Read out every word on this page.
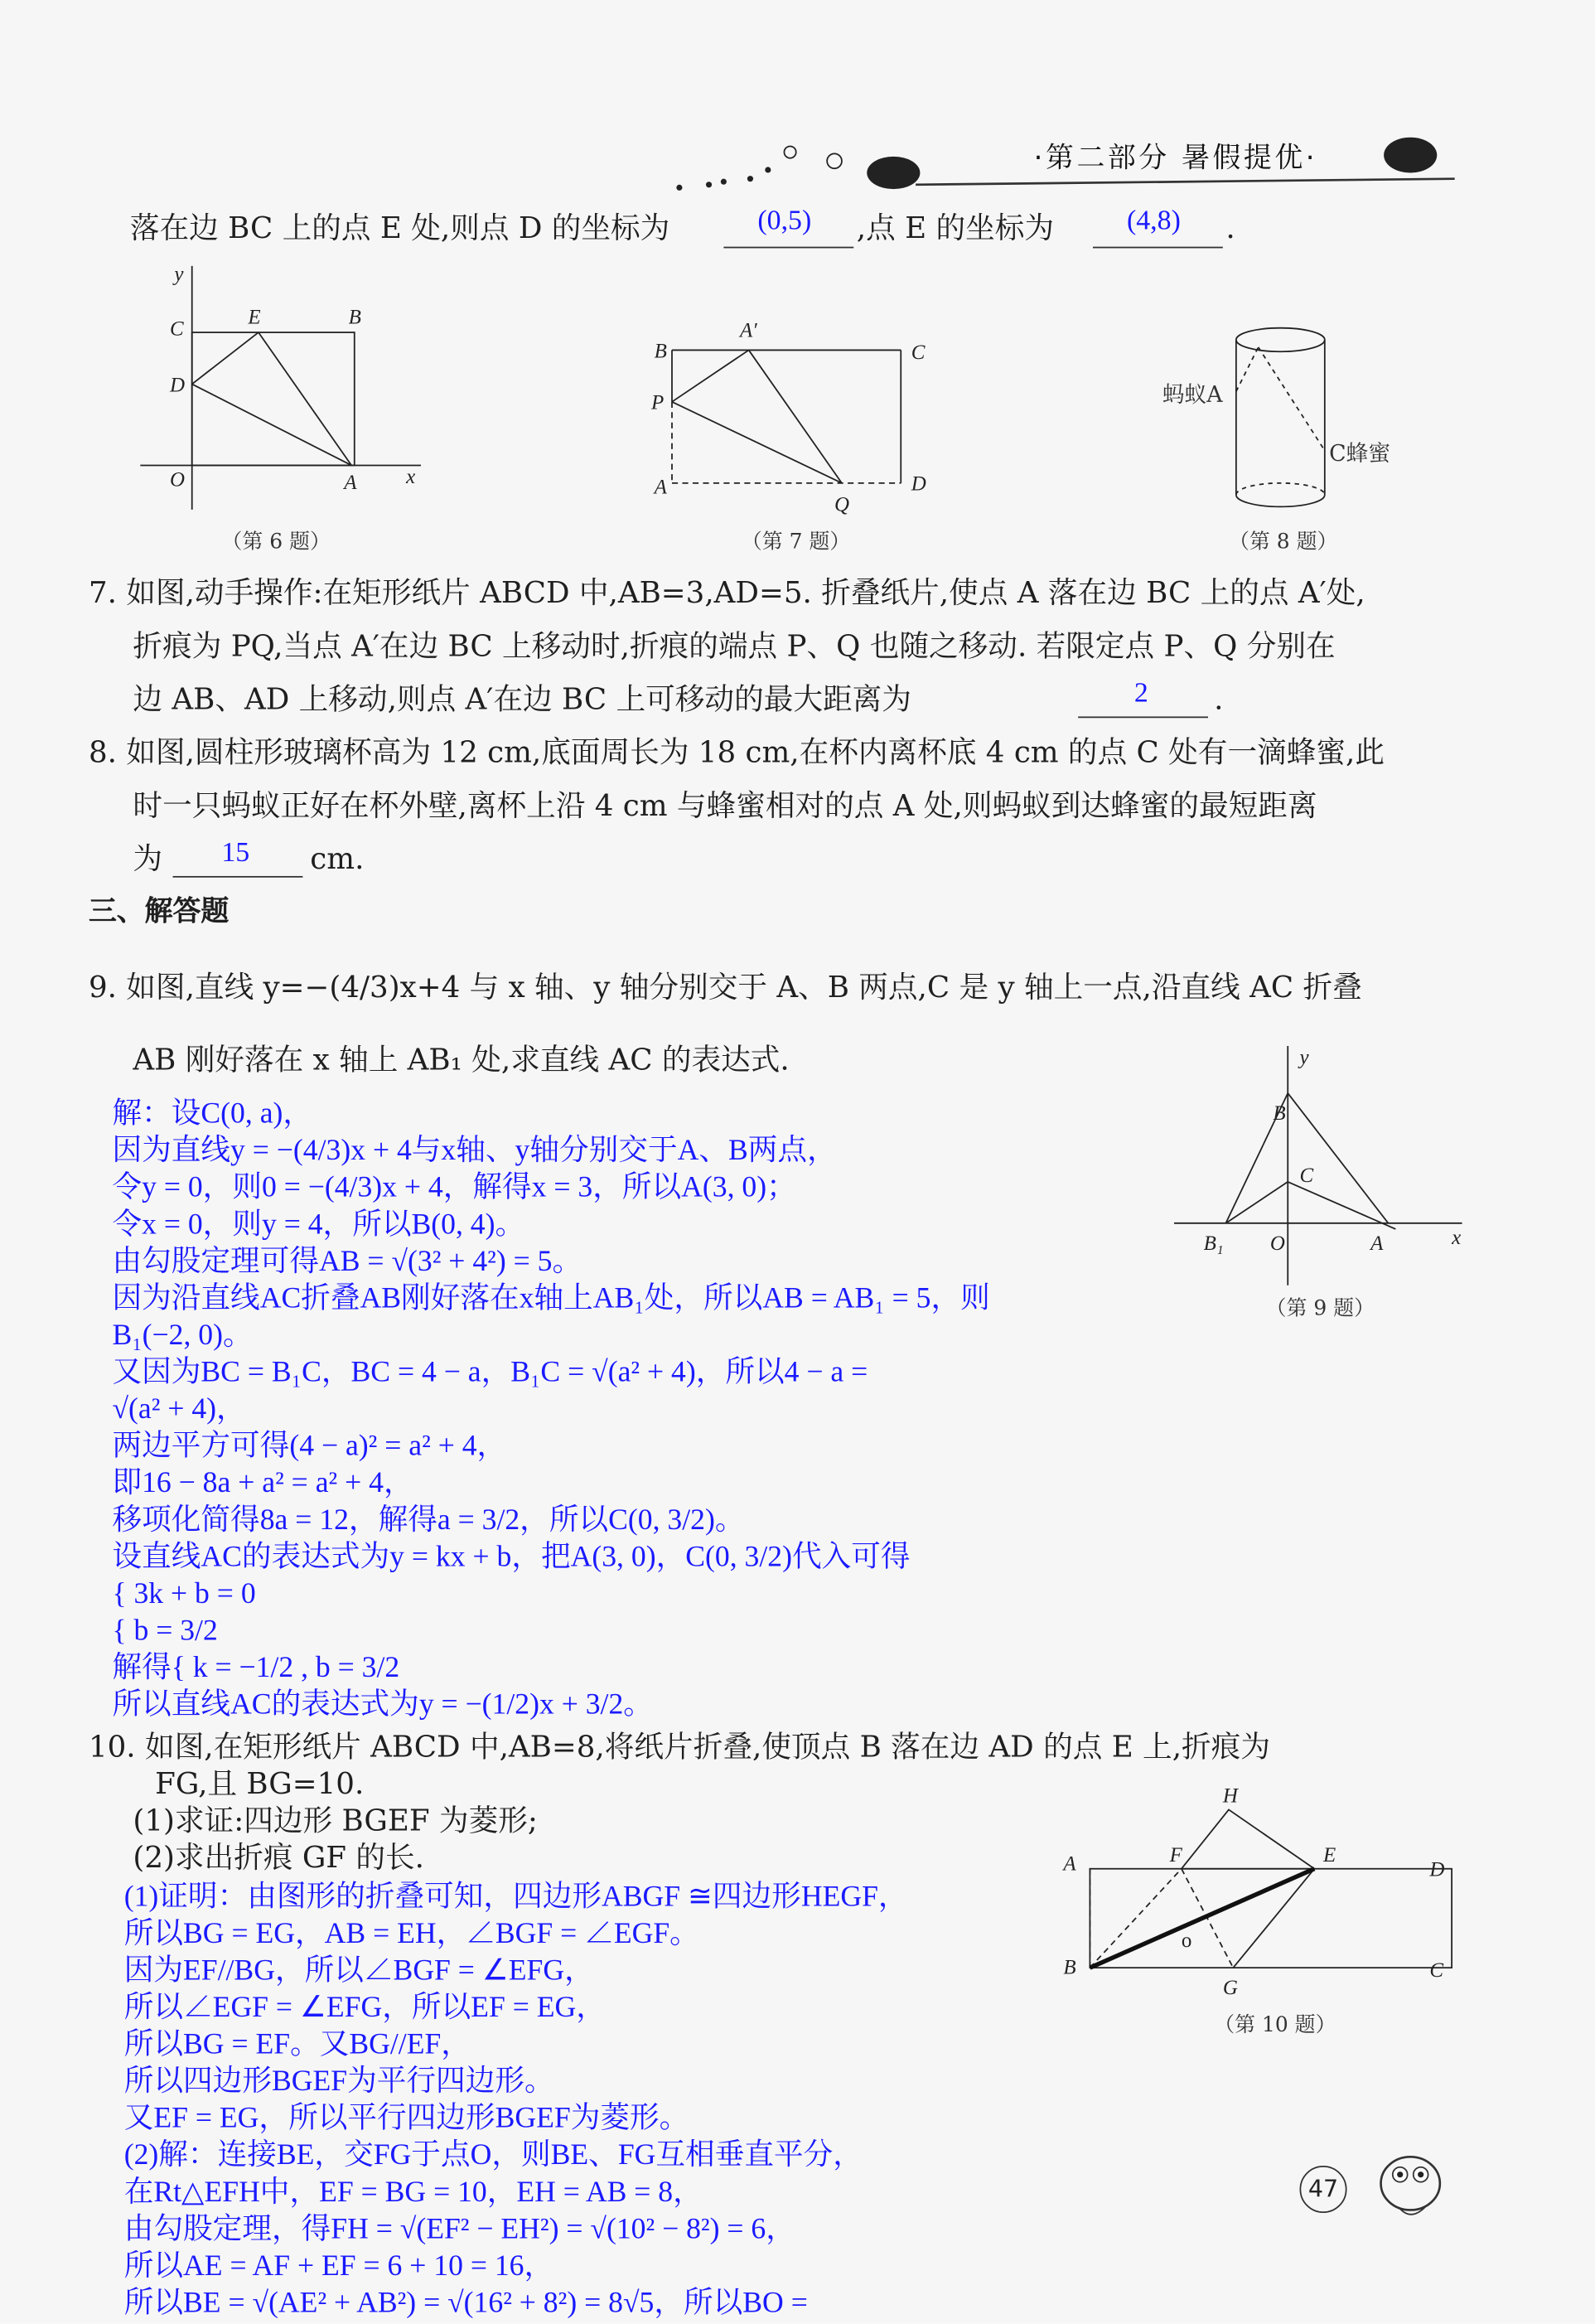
·第二部分 暑假提优·
落在边 BC 上的点 E 处,则点 D 的坐标为	(0,5)	,点 E 的坐标为	(4,8)	.
y
C
E	B
D
O	A	x
（第 6 题）
B
A′
C
P
A
Q
D
（第 7 题）
蚂蚁A
C蜂蜜
（第 8 题）
7. 如图,动手操作:在矩形纸片 ABCD 中,AB=3,AD=5. 折叠纸片,使点 A 落在边 BC 上的点 A′处,
折痕为 PQ,当点 A′在边 BC 上移动时,折痕的端点 P、Q 也随之移动. 若限定点 P、Q 分别在
边 AB、AD 上移动,则点 A′在边 BC 上可移动的最大距离为	2	.
8. 如图,圆柱形玻璃杯高为 12 cm,底面周长为 18 cm,在杯内离杯底 4 cm 的点 C 处有一滴蜂蜜,此
时一只蚂蚁正好在杯外壁,离杯上沿 4 cm 与蜂蜜相对的点 A 处,则蚂蚁到达蜂蜜的最短距离
为	15	cm.
三、解答题
9. 如图,直线 y=−(4/3)x+4 与 x 轴、y 轴分别交于 A、B 两点,C 是 y 轴上一点,沿直线 AC 折叠
AB 刚好落在 x 轴上 AB₁ 处,求直线 AC 的表达式.
解：设C(0, a)，
因为直线y = −(4/3)x + 4与x轴、y轴分别交于A、B两点，
令y = 0，则0 = −(4/3)x + 4，解得x = 3，所以A(3, 0)；
令x = 0，则y = 4，所以B(0, 4)。
由勾股定理可得AB = √(3² + 4²) = 5。
因为沿直线AC折叠AB刚好落在x轴上AB₁处，所以AB = AB₁ = 5，则
B₁(−2, 0)。
又因为BC = B₁C，BC = 4 − a，B₁C = √(a² + 4)，所以4 − a =
√(a² + 4)，
两边平方可得(4 − a)² = a² + 4，
即16 − 8a + a² = a² + 4，
移项化简得8a = 12，解得a = 3/2，所以C(0, 3/2)。
设直线AC的表达式为y = kx + b，把A(3, 0)，C(0, 3/2)代入可得
{ 3k + b = 0
{ b = 3/2
解得{ k = −1/2 , b = 3/2
所以直线AC的表达式为y = −(1/2)x + 3/2。
y
B
C
B₁	O	A	x
（第 9 题）
10. 如图,在矩形纸片 ABCD 中,AB=8,将纸片折叠,使顶点 B 落在边 AD 的点 E 上,折痕为
FG,且 BG=10.
(1)求证:四边形 BGEF 为菱形;
(2)求出折痕 GF 的长.
(1)证明：由图形的折叠可知，四边形ABGF ≅四边形HEGF，
所以BG = EG，AB = EH，∠BGF = ∠EGF。
因为EF//BG，所以∠BGF = ∠EFG，
所以∠EGF = ∠EFG，所以EF = EG，
所以BG = EF。又BG//EF，
所以四边形BGEF为平行四边形。
又EF = EG，所以平行四边形BGEF为菱形。
(2)解：连接BE，交FG于点O，则BE、FG互相垂直平分，
在Rt△EFH中，EF = BG = 10，EH = AB = 8，
由勾股定理，得FH = √(EF² − EH²) = √(10² − 8²) = 6，
所以AE = AF + EF = 6 + 10 = 16，
所以BE = √(AE² + AB²) = √(16² + 8²) = 8√5，所以BO =
H
A	F	E
D
B
o
G
C
（第 10 题）
47
